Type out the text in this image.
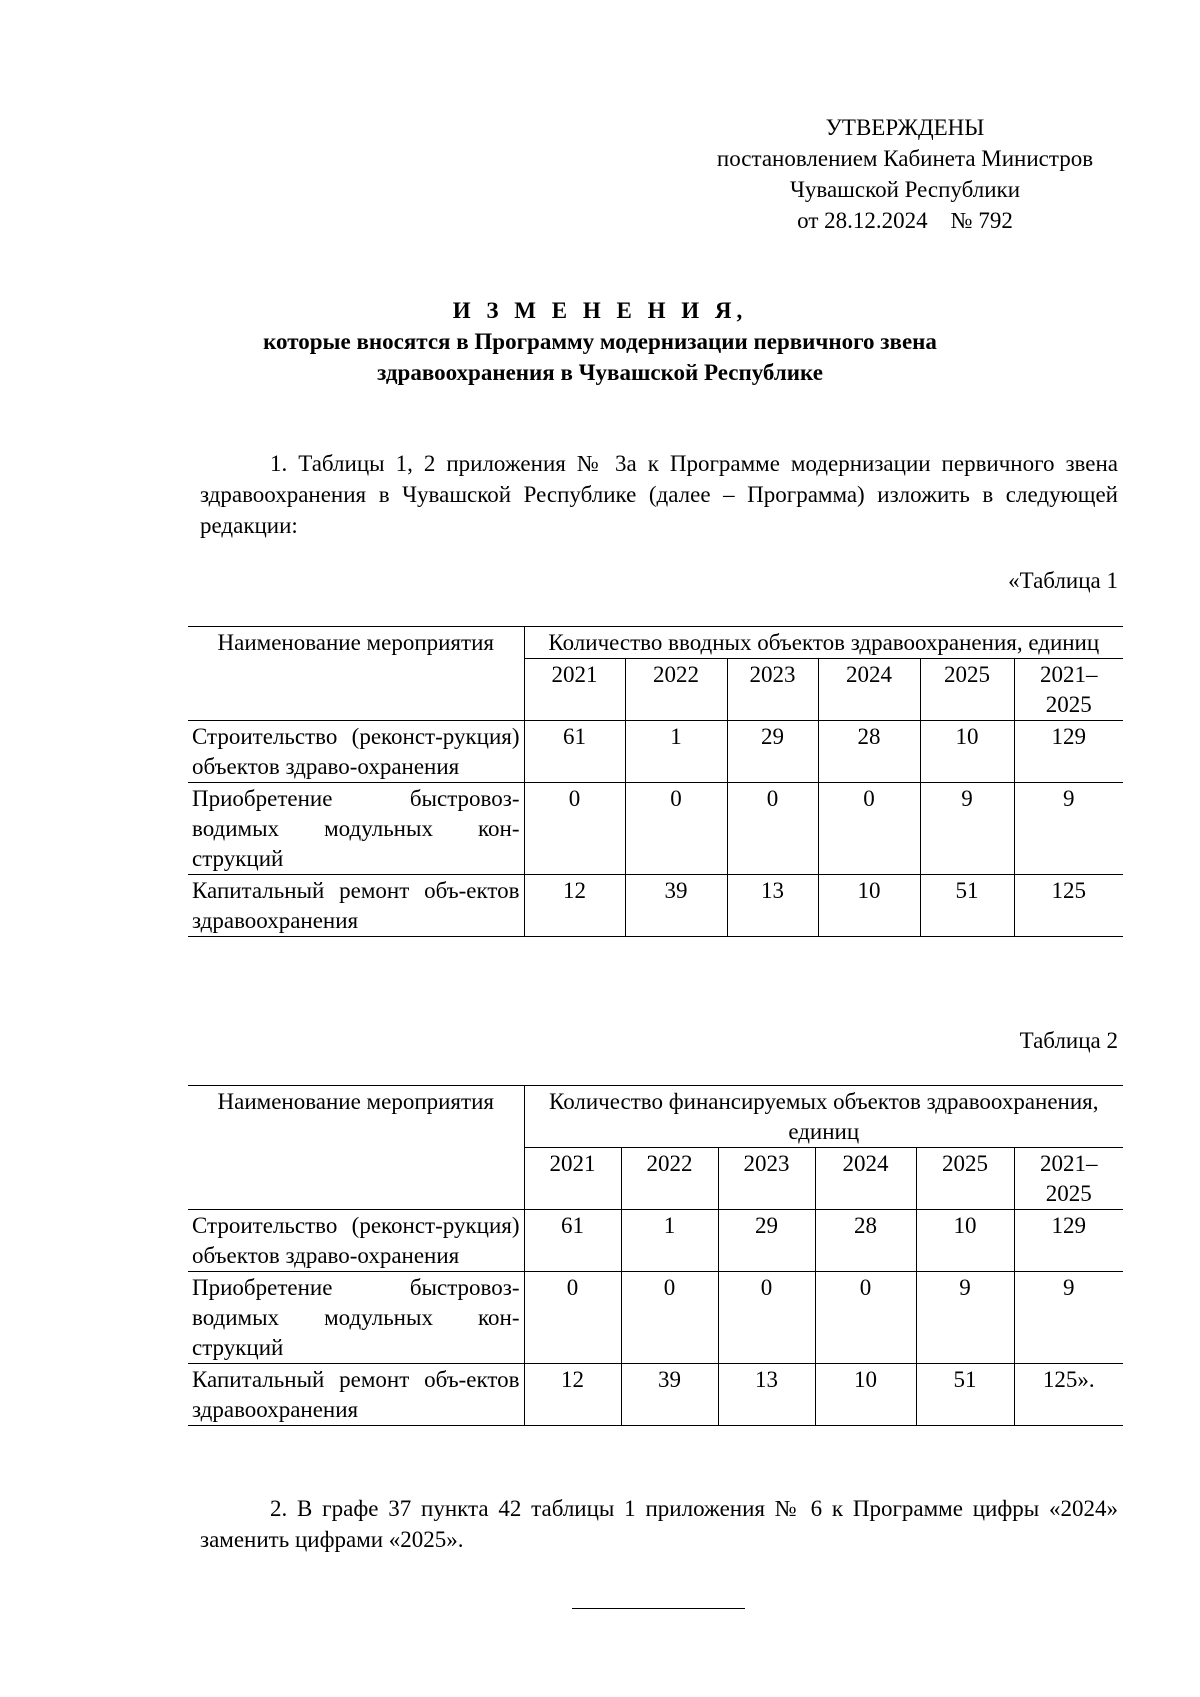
УТВЕРЖДЕНЫ
постановлением Кабинета Министров
Чувашской Республики
от 28.12.2024    № 792
И З М Е Н Е Н И Я,
которые вносятся в Программу модернизации первичного звена
здравоохранения в Чувашской Республике
1. Таблицы 1, 2 приложения № 3а к Программе модернизации первичного звена здравоохранения в Чувашской Республике (далее – Программа) изложить в следующей редакции:
«Таблица 1
Наименование мероприятия	Количество вводных объектов здравоохранения, единиц					
	2021	2022	2023	2024	2025	2021–2025
Строительство (реконст-рукция) объектов здраво-охранения	61	1	29	28	10	129
Приобретение быстровоз-водимых модульных кон-струкций	0	0	0	0	9	9
Капитальный ремонт объ-ектов здравоохранения	12	39	13	10	51	125
Таблица 2
Наименование мероприятия	Количество финансируемых объектов здравоохранения, единиц					
	2021	2022	2023	2024	2025	2021–2025
Строительство (реконст-рукция) объектов здраво-охранения	61	1	29	28	10	129
Приобретение быстровоз-водимых модульных кон-струкций	0	0	0	0	9	9
Капитальный ремонт объ-ектов здравоохранения	12	39	13	10	51	125».
2. В графе 37 пункта 42 таблицы 1 приложения № 6 к Программе цифры «2024» заменить цифрами «2025».
